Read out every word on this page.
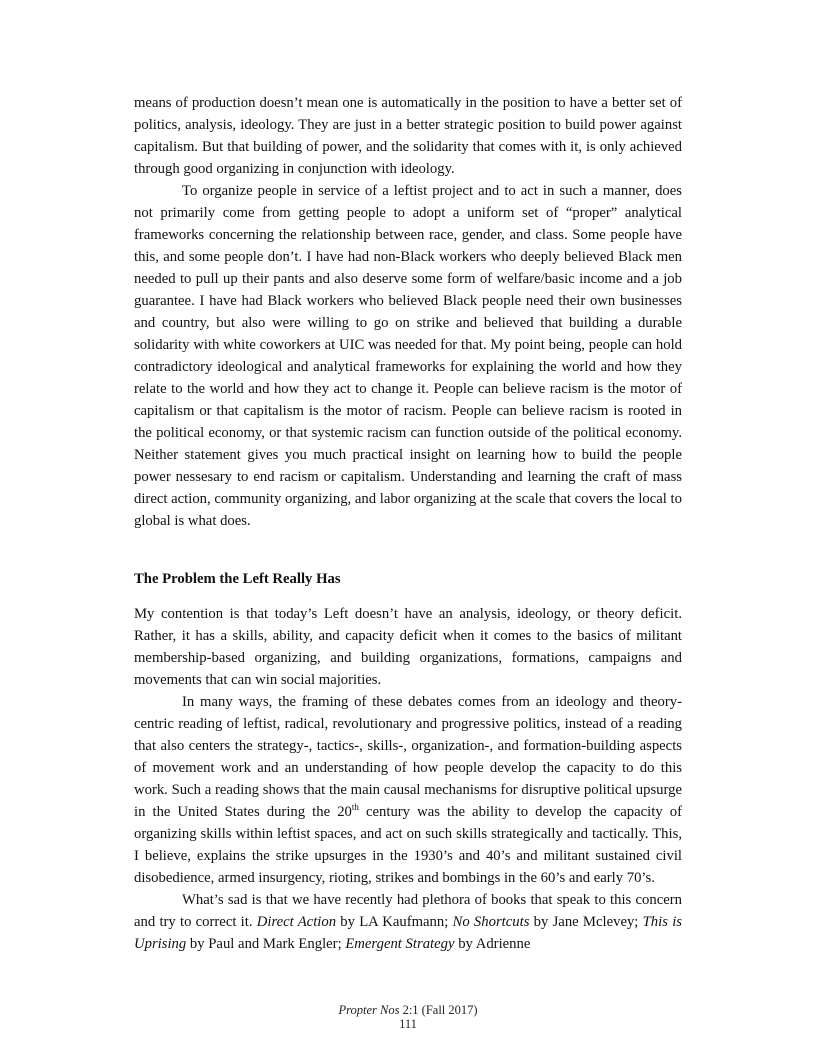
means of production doesn’t mean one is automatically in the position to have a better set of politics, analysis, ideology. They are just in a better strategic position to build power against capitalism. But that building of power, and the solidarity that comes with it, is only achieved through good organizing in conjunction with ideology.

To organize people in service of a leftist project and to act in such a manner, does not primarily come from getting people to adopt a uniform set of “proper” analytical frameworks concerning the relationship between race, gender, and class. Some people have this, and some people don’t. I have had non-Black workers who deeply believed Black men needed to pull up their pants and also deserve some form of welfare/basic income and a job guarantee. I have had Black workers who believed Black people need their own businesses and country, but also were willing to go on strike and believed that building a durable solidarity with white coworkers at UIC was needed for that. My point being, people can hold contradictory ideological and analytical frameworks for explaining the world and how they relate to the world and how they act to change it. People can believe racism is the motor of capitalism or that capitalism is the motor of racism. People can believe racism is rooted in the political economy, or that systemic racism can function outside of the political economy. Neither statement gives you much practical insight on learning how to build the people power nessesary to end racism or capitalism. Understanding and learning the craft of mass direct action, community organizing, and labor organizing at the scale that covers the local to global is what does.

The Problem the Left Really Has

My contention is that today’s Left doesn’t have an analysis, ideology, or theory deficit. Rather, it has a skills, ability, and capacity deficit when it comes to the basics of militant membership-based organizing, and building organizations, formations, campaigns and movements that can win social majorities.

In many ways, the framing of these debates comes from an ideology and theory-centric reading of leftist, radical, revolutionary and progressive politics, instead of a reading that also centers the strategy-, tactics-, skills-, organization-, and formation-building aspects of movement work and an understanding of how people develop the capacity to do this work. Such a reading shows that the main causal mechanisms for disruptive political upsurge in the United States during the 20th century was the ability to develop the capacity of organizing skills within leftist spaces, and act on such skills strategically and tactically. This, I believe, explains the strike upsurges in the 1930’s and 40’s and militant sustained civil disobedience, armed insurgency, rioting, strikes and bombings in the 60’s and early 70’s.

What’s sad is that we have recently had plethora of books that speak to this concern and try to correct it. Direct Action by LA Kaufmann; No Shortcuts by Jane Mclevey; This is Uprising by Paul and Mark Engler; Emergent Strategy by Adrienne

Propter Nos 2:1 (Fall 2017)
111
